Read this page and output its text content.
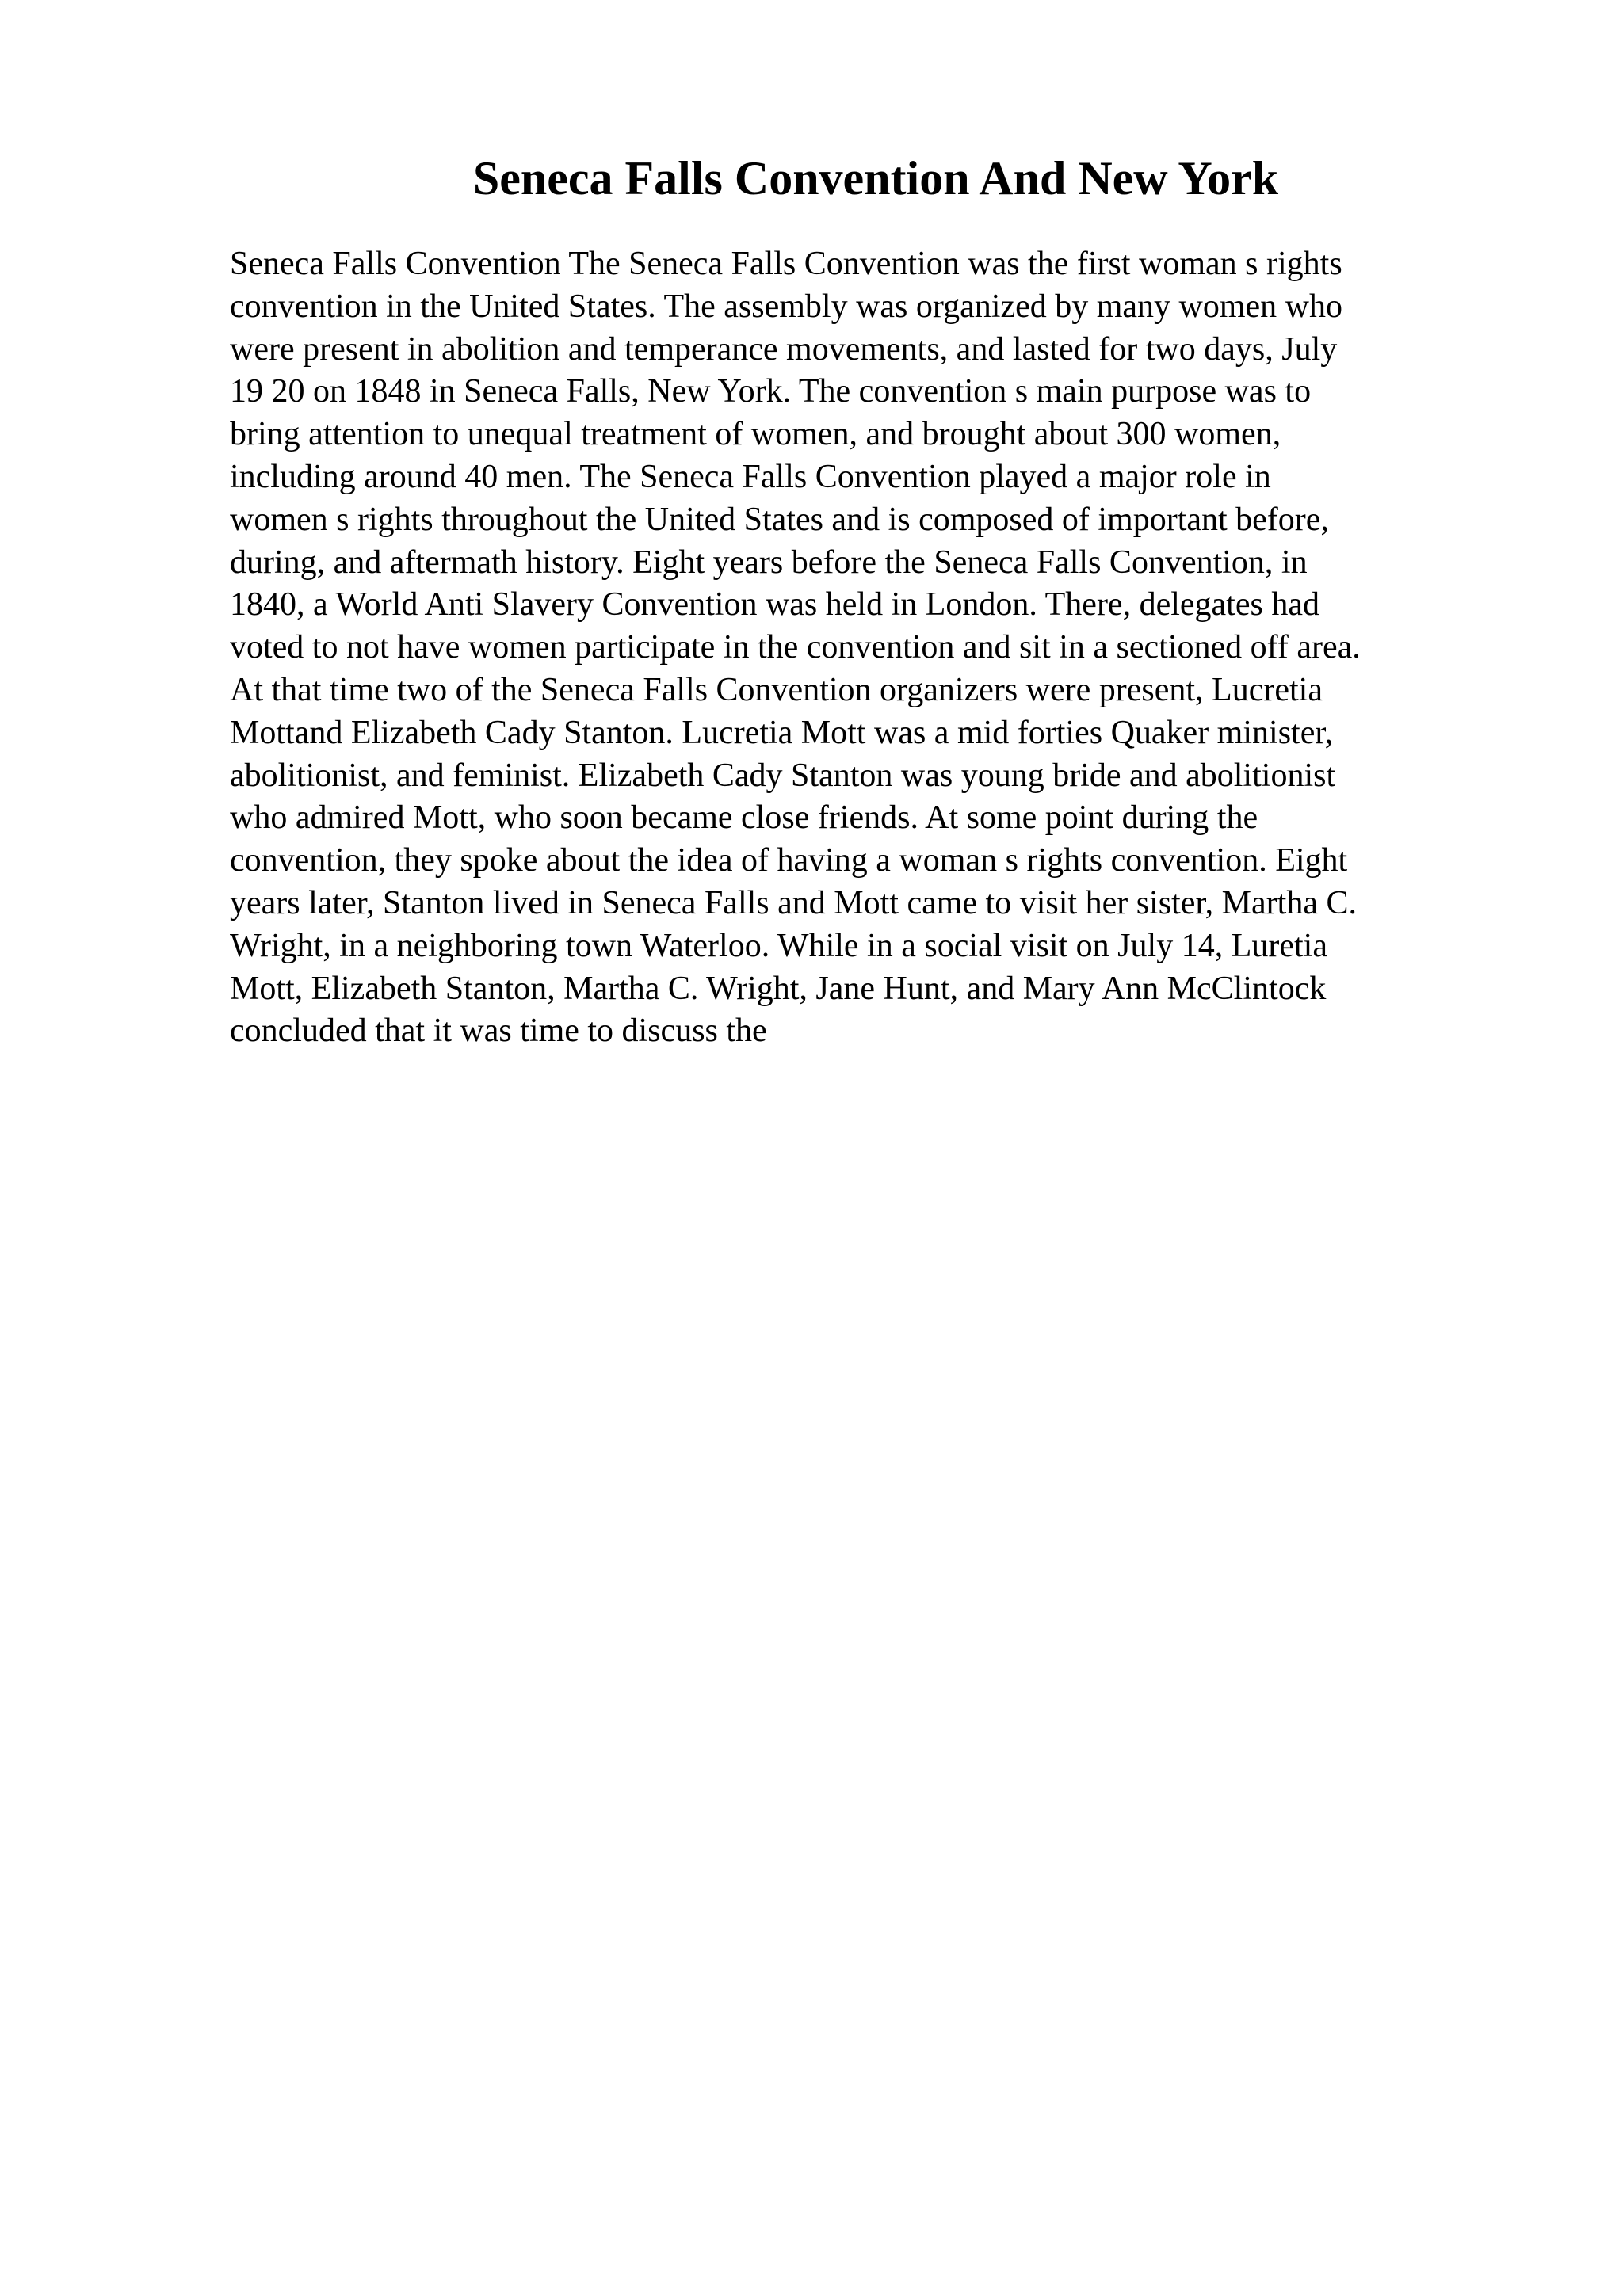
Seneca Falls Convention And New York
Seneca Falls Convention The Seneca Falls Convention was the first woman s rights
convention in the United States. The assembly was organized by many women who
were present in abolition and temperance movements, and lasted for two days, July
19 20 on 1848 in Seneca Falls, New York. The convention s main purpose was to
bring attention to unequal treatment of women, and brought about 300 women,
including around 40 men. The Seneca Falls Convention played a major role in
women s rights throughout the United States and is composed of important before,
during, and aftermath history. Eight years before the Seneca Falls Convention, in
1840, a World Anti Slavery Convention was held in London. There, delegates had
voted to not have women participate in the convention and sit in a sectioned off area.
At that time two of the Seneca Falls Convention organizers were present, Lucretia
Mottand Elizabeth Cady Stanton. Lucretia Mott was a mid forties Quaker minister,
abolitionist, and feminist. Elizabeth Cady Stanton was young bride and abolitionist
who admired Mott, who soon became close friends. At some point during the
convention, they spoke about the idea of having a woman s rights convention. Eight
years later, Stanton lived in Seneca Falls and Mott came to visit her sister, Martha C.
Wright, in a neighboring town Waterloo. While in a social visit on July 14, Luretia
Mott, Elizabeth Stanton, Martha C. Wright, Jane Hunt, and Mary Ann McClintock
concluded that it was time to discuss the
